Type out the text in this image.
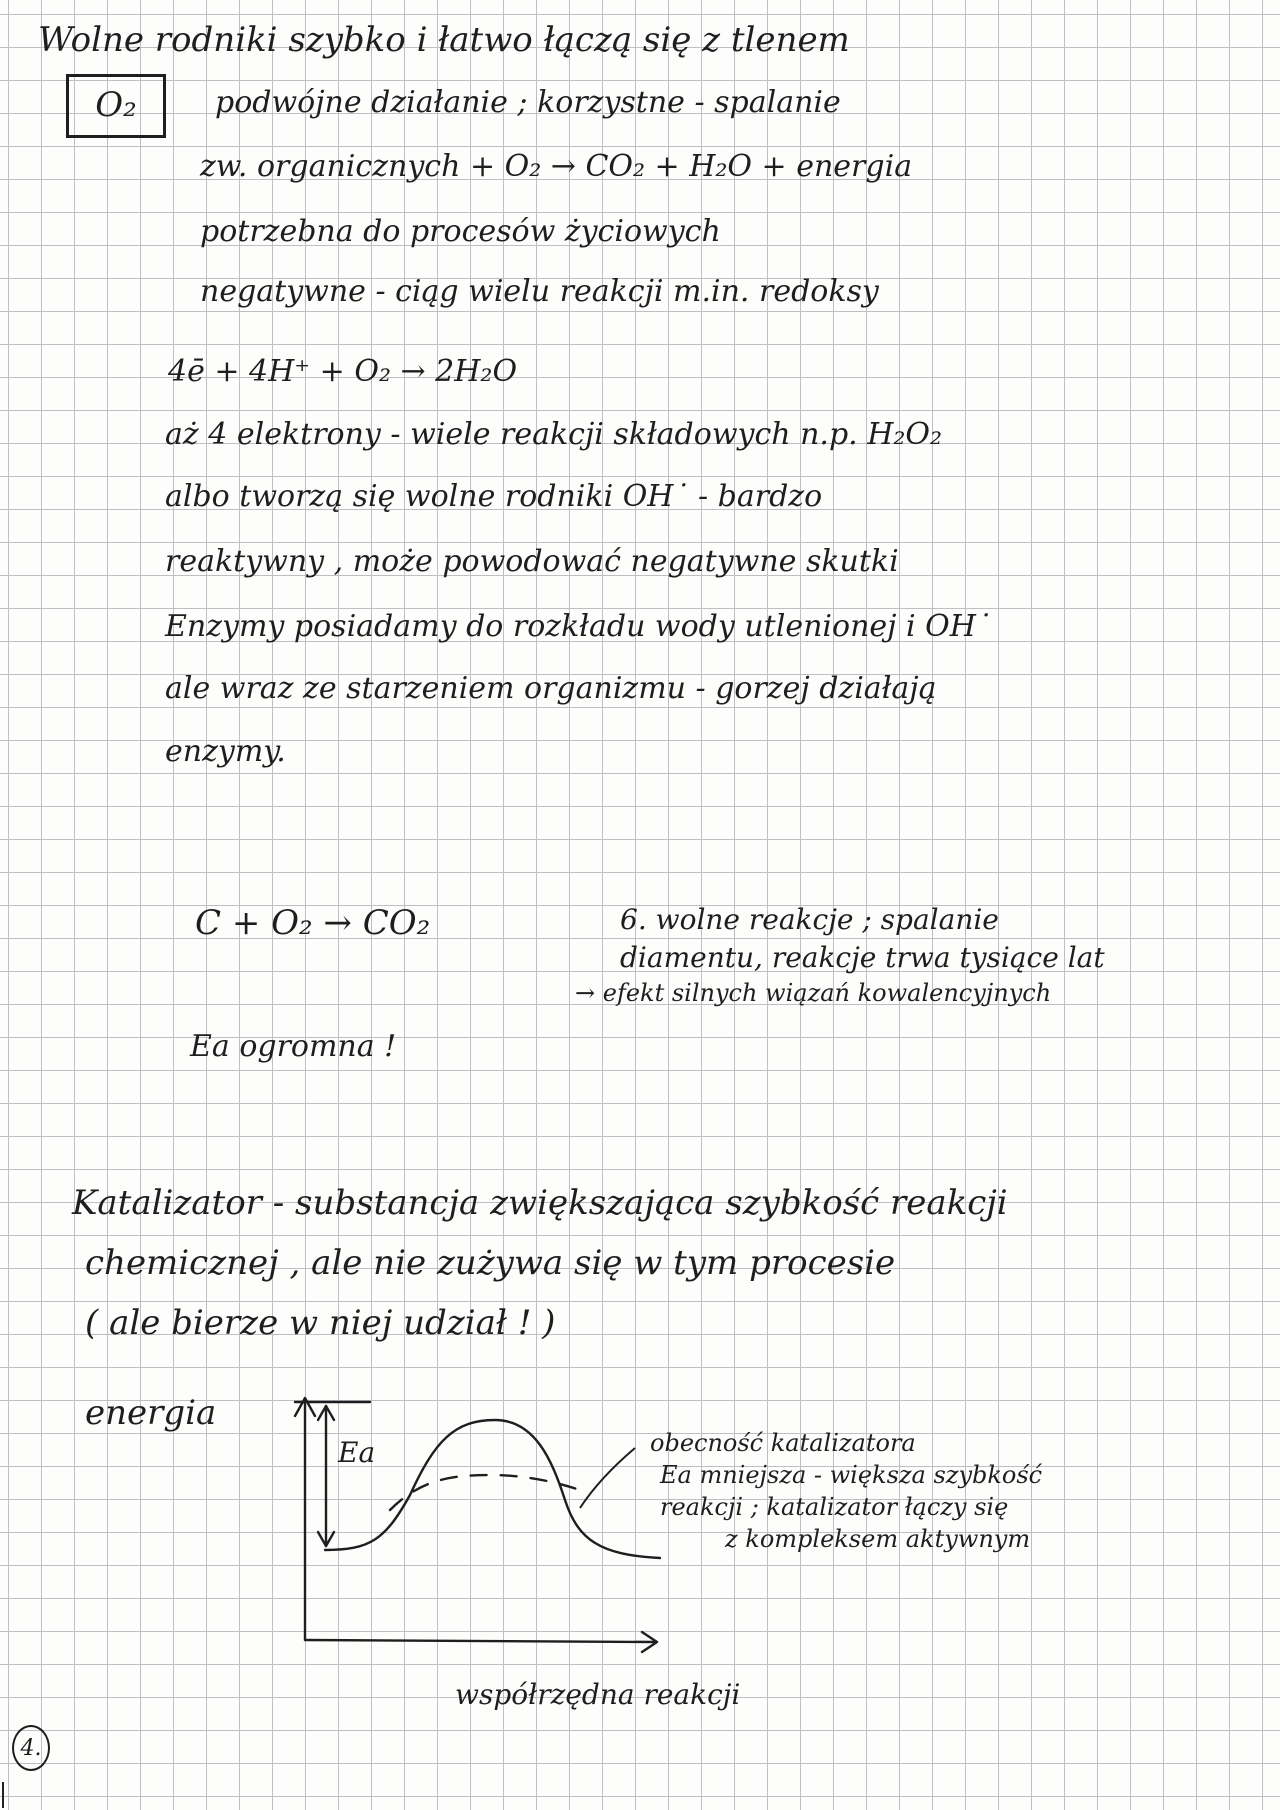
Wolne rodniki szybko i łatwo łączą się z tlenem
O₂	podwójne działanie ; korzystne - spalanie
zw. organicznych + O₂ → CO₂ + H₂O + energia
potrzebna do procesów życiowych
negatywne - ciąg wielu reakcji m.in. redoksy
4ē + 4H⁺ + O₂ → 2H₂O
aż 4 elektrony - wiele reakcji składowych n.p. H₂O₂
albo tworzą się wolne rodniki OH˙ - bardzo
reaktywny , może powodować negatywne skutki
Enzymy posiadamy do rozkładu wody utlenionej i OH˙
ale wraz ze starzeniem organizmu - gorzej działają
enzymy.
C + O₂ → CO₂	6. wolne reakcje ; spalanie
diamentu, reakcje trwa tysiące lat
→ efekt silnych wiązań kowalencyjnych
Ea ogromna !
Katalizator - substancja zwiększająca szybkość reakcji
chemicznej , ale nie zużywa się w tym procesie
( ale bierze w niej udział ! )
energia
Ea	obecność katalizatora
Ea mniejsza - większa szybkość
reakcji ; katalizator łączy się
z kompleksem aktywnym
współrzędna reakcji
4.
